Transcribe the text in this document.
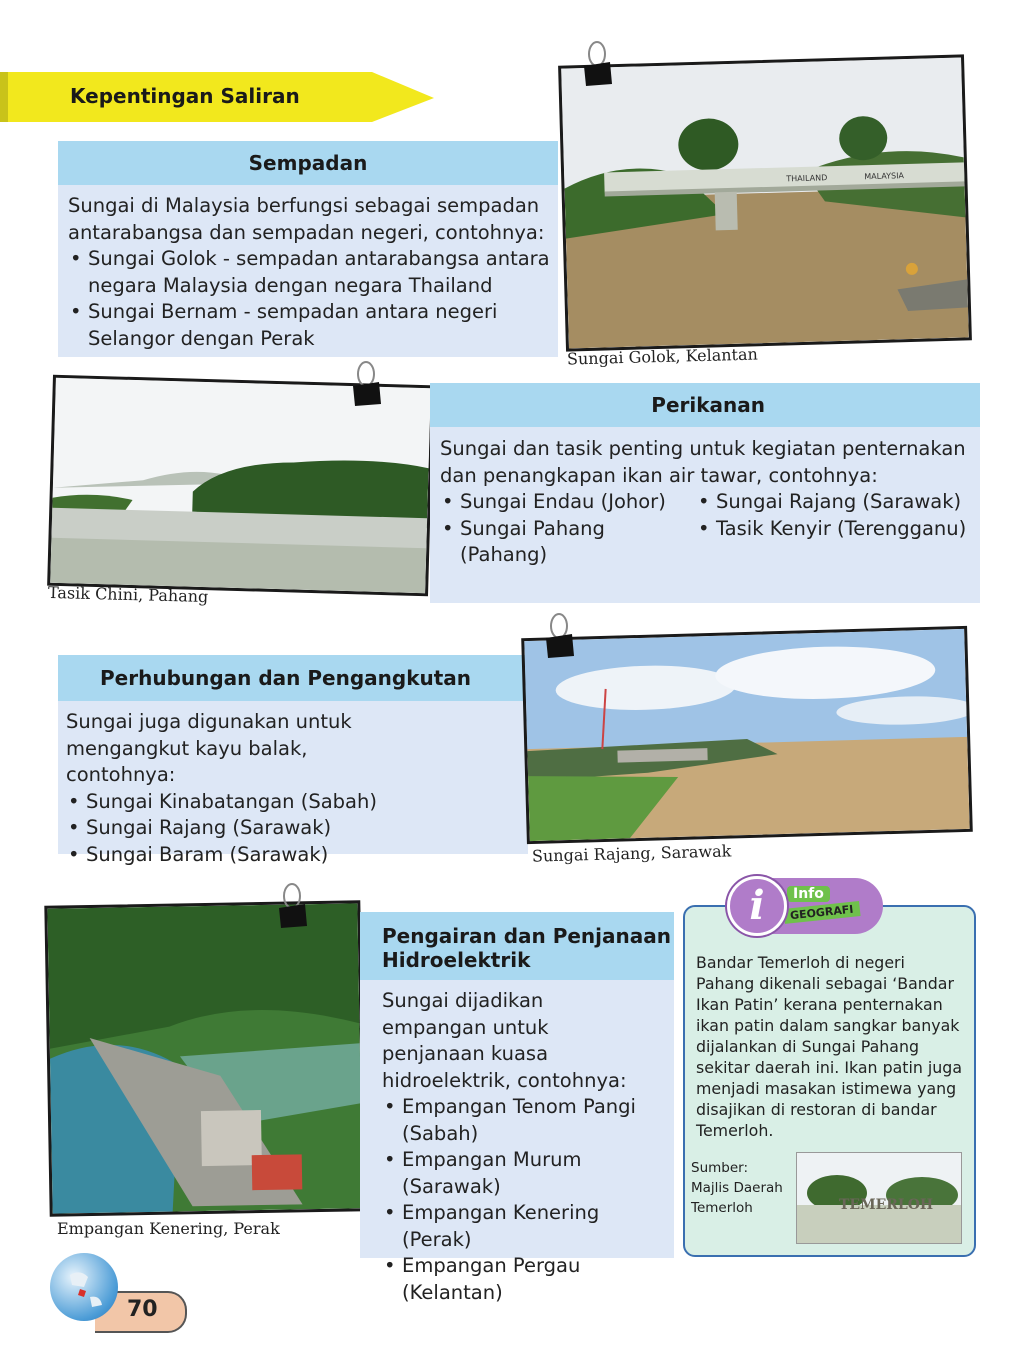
Kepentingan Saliran
Sempadan

Sungai di Malaysia berfungsi sebagai sempadan antarabangsa dan sempadan negeri, contohnya:

• Sungai Golok - sempadan antarabangsa antara negara Malaysia dengan negara Thailand
• Sungai Bernam - sempadan antara negeri Selangor dengan Perak
THAILAND	MALAYSIA
Sungai Golok, Kelantan
Tasik Chini, Pahang
Perikanan

Sungai dan tasik penting untuk kegiatan penternakan dan penangkapan ikan air tawar, contohnya:

• Sungai Endau (Johor)
• Sungai Pahang (Pahang)
• Sungai Rajang (Sarawak)
• Tasik Kenyir (Terengganu)
Perhubungan dan Pengangkutan

Sungai juga digunakan untuk mengangkut kayu balak, contohnya:

• Sungai Kinabatangan (Sabah)
• Sungai Rajang (Sarawak)
• Sungai Baram (Sarawak)	Sungai Rajang, Sarawak
Empangan Kenering, Perak
Pengairan dan Penjanaan Hidroelektrik

Sungai dijadikan empangan untuk penjanaan kuasa hidroelektrik, contohnya:

• Empangan Tenom Pangi (Sabah)
• Empangan Murum (Sarawak)
• Empangan Kenering (Perak)
• Empangan Pergau (Kelantan)
Info
GEOGRAFI
i
Bandar Temerloh di negeri Pahang dikenali sebagai ‘Bandar Ikan Patin’ kerana penternakan ikan patin dalam sangkar banyak dijalankan di Sungai Pahang sekitar daerah ini. Ikan patin juga menjadi masakan istimewa yang disajikan di restoran di bandar Temerloh.
Sumber:
Majlis Daerah Temerloh	TEMERLOH
70
